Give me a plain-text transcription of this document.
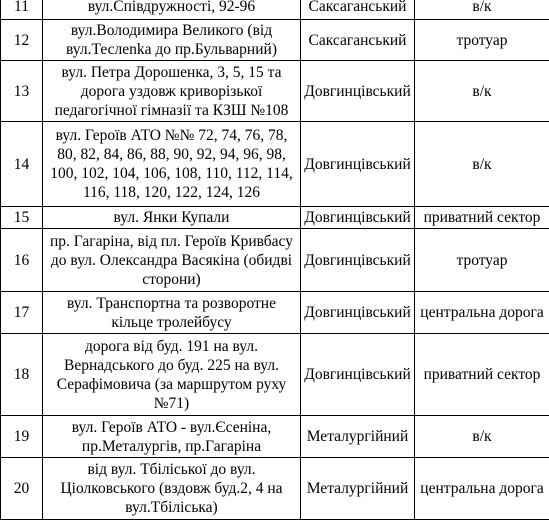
11	вул.Співдружності, 92-96	Саксаганський	в/к
12	вул.Володимира Великого (від вул.Теслenka до пр.Бульварний)	Саксаганський	тротуар
13	вул. Петра Дорошенка, 3, 5, 15 та дорога уздовж криворізької педагогічної гімназії та КЗШ №108	Довгинцівський	в/к
14	вул. Героїв АТО №№ 72, 74, 76, 78, 80, 82, 84, 86, 88, 90, 92, 94, 96, 98, 100, 102, 104, 106, 108, 110, 112, 114, 116, 118, 120, 122, 124, 126	Довгинцівський	в/к
15	вул. Янки Купали	Довгинцівський	приватний сектор
16	пр. Гагаріна, від пл. Героїв Кривбасу до вул. Олександра Васякіна (обидві сторони)	Довгинцівський	тротуар
17	вул. Транспортна та розворотне кільце тролейбусу	Довгинцівський	центральна дорога
18	дорога від буд. 191 на вул. Вернадського до буд. 225 на вул. Серафімовича (за маршрутом руху №71)	Довгинцівський	приватний сектор
19	вул. Героїв АТО - вул.Єсеніна, пр.Металургів, пр.Гагаріна	Металургійний	в/к
20	від вул. Тбіліської до вул. Ціолковського (вздовж буд.2, 4 на вул.Тбіліська)	Металургійний	центральна дорога
